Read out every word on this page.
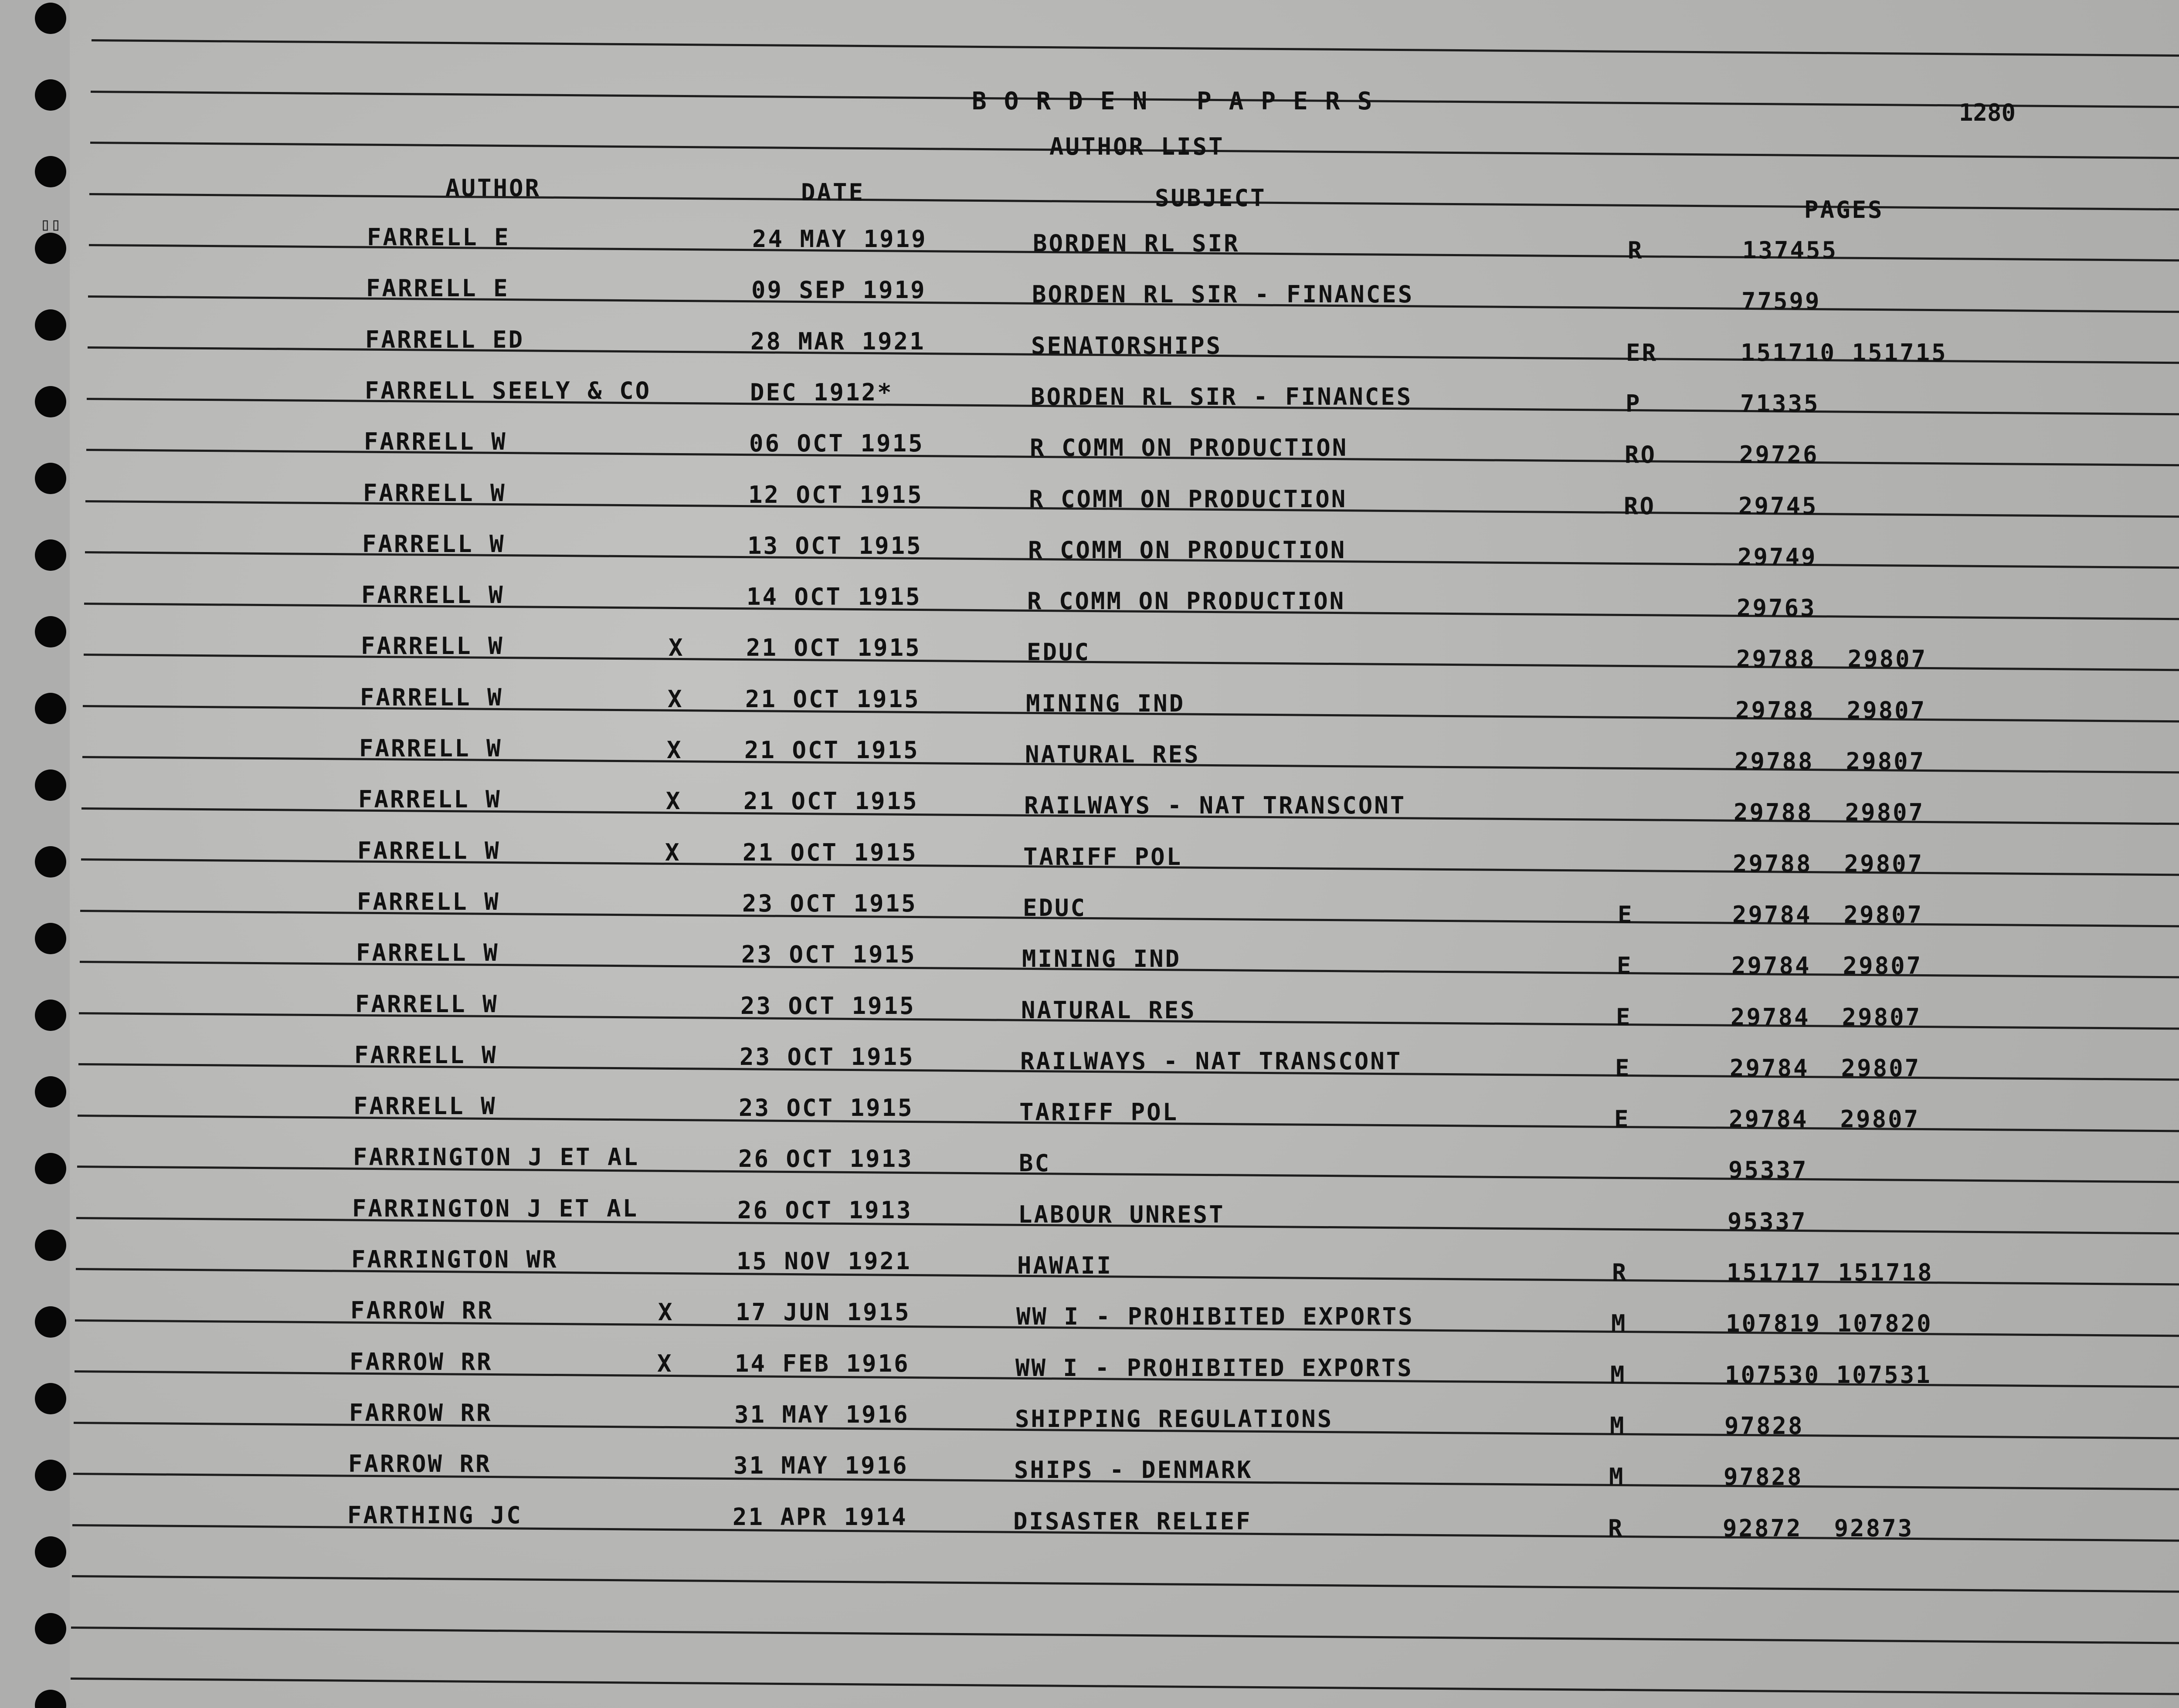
BORDEN PAPERS	1280
AUTHOR LIST
AUTHOR	DATE	SUBJECT	PAGES
FARRELL E	24 MAY 1919	BORDEN RL SIR	R	137455
FARRELL E	09 SEP 1919	BORDEN RL SIR - FINANCES	77599
FARRELL ED	28 MAR 1921	SENATORSHIPS	ER	151710 151715
FARRELL SEELY & CO	DEC 1912*	BORDEN RL SIR - FINANCES	P	71335
FARRELL W	06 OCT 1915	R COMM ON PRODUCTION	RO	29726
FARRELL W	12 OCT 1915	R COMM ON PRODUCTION	RO	29745
FARRELL W	13 OCT 1915	R COMM ON PRODUCTION	29749
FARRELL W	14 OCT 1915	R COMM ON PRODUCTION	29763
FARRELL W	X	21 OCT 1915	EDUC	29788  29807
FARRELL W	X	21 OCT 1915	MINING IND	29788  29807
FARRELL W	X	21 OCT 1915	NATURAL RES	29788  29807
FARRELL W	X	21 OCT 1915	RAILWAYS - NAT TRANSCONT	29788  29807
FARRELL W	X	21 OCT 1915	TARIFF POL	29788  29807
FARRELL W	23 OCT 1915	EDUC	E	29784  29807
FARRELL W	23 OCT 1915	MINING IND	E	29784  29807
FARRELL W	23 OCT 1915	NATURAL RES	E	29784  29807
FARRELL W	23 OCT 1915	RAILWAYS - NAT TRANSCONT	E	29784  29807
FARRELL W	23 OCT 1915	TARIFF POL	E	29784  29807
FARRINGTON J ET AL	26 OCT 1913	BC	95337
FARRINGTON J ET AL	26 OCT 1913	LABOUR UNREST	95337
FARRINGTON WR	15 NOV 1921	HAWAII	R	151717 151718
FARROW RR	X	17 JUN 1915	WW I - PROHIBITED EXPORTS	M	107819 107820
FARROW RR	X	14 FEB 1916	WW I - PROHIBITED EXPORTS	M	107530 107531
FARROW RR	31 MAY 1916	SHIPPING REGULATIONS	M	97828
FARROW RR	31 MAY 1916	SHIPS - DENMARK	M	97828
FARTHING JC	21 APR 1914	DISASTER RELIEF	R	92872  92873
▯▯
